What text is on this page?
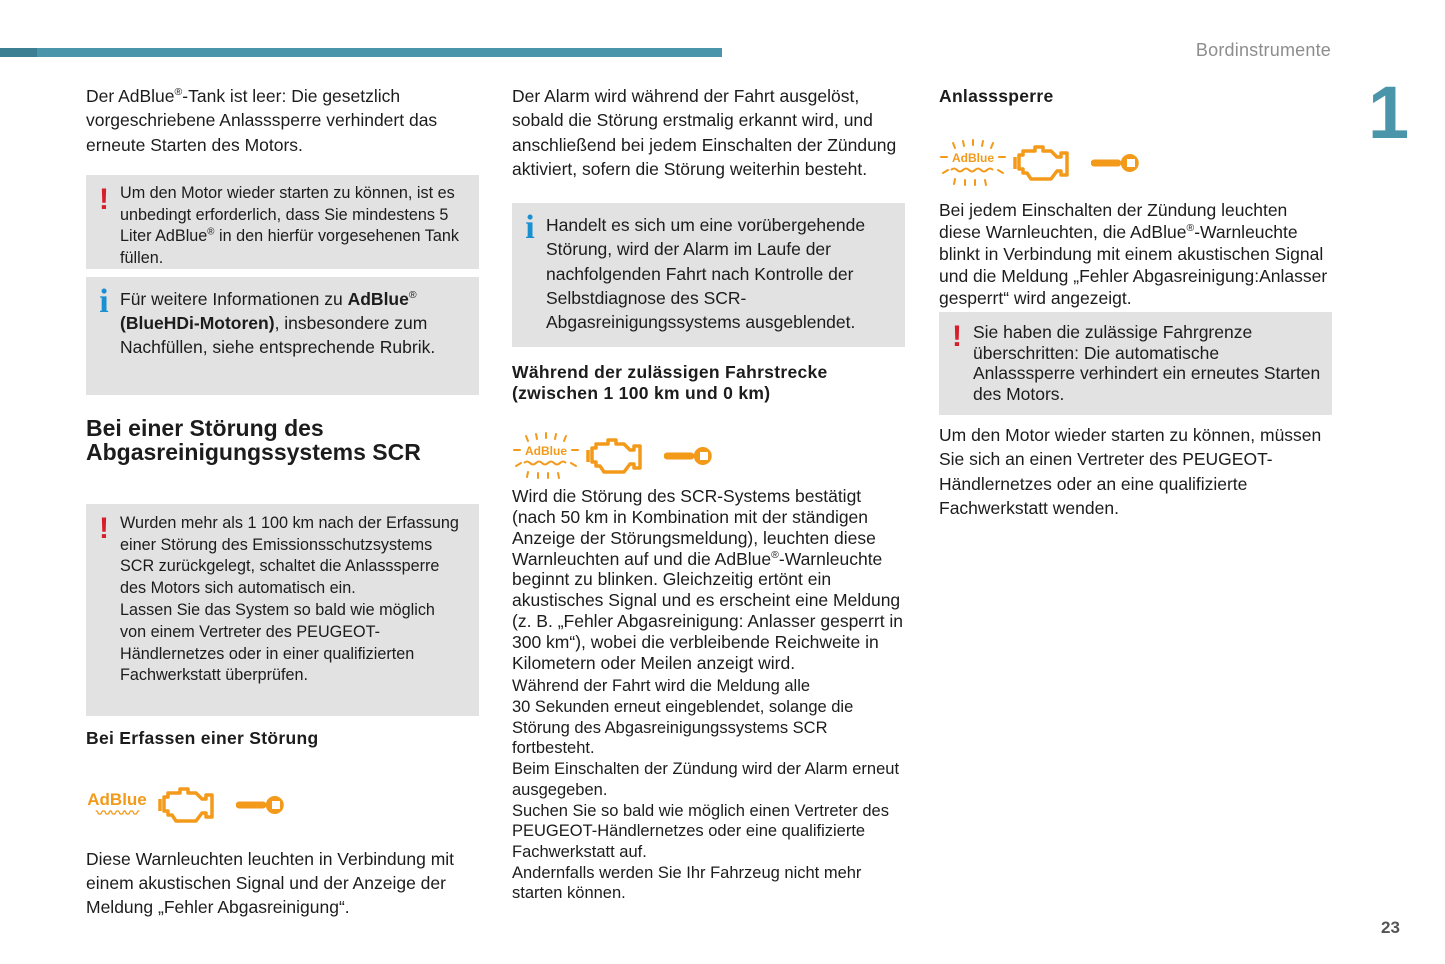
Bordinstrumente
1
23

Der AdBlue®-Tank ist leer: Die gesetzlich vorgeschriebene Anlasssperre verhindert das erneute Starten des Motors.

! Um den Motor wieder starten zu können, ist es unbedingt erforderlich, dass Sie mindestens 5 Liter AdBlue® in den hierfür vorgesehenen Tank füllen.

i Für weitere Informationen zu AdBlue® (BlueHDi-Motoren), insbesondere zum Nachfüllen, siehe entsprechende Rubrik.

Bei einer Störung des Abgasreinigungssystems SCR
! Wurden mehr als 1 100 km nach der Erfassung
einer Störung des Emissionsschutzsystems
SCR zurückgelegt, schaltet die Anlasssperre
des Motors sich automatisch ein.
Lassen Sie das System so bald wie möglich
von einem Vertreter des PEUGEOT-
Händlernetzes oder in einer qualifizierten
Fachwerkstatt überprüfen.
Bei Erfassen einer Störung
AdBlue
〰〰〰

Diese Warnleuchten leuchten in Verbindung mit einem akustischen Signal und der Anzeige der Meldung „Fehler Abgasreinigung“.

Der Alarm wird während der Fahrt ausgelöst, sobald die Störung erstmalig erkannt wird, und anschließend bei jedem Einschalten der Zündung aktiviert, sofern die Störung weiterhin besteht.

i Handelt es sich um eine vorübergehende Störung, wird der Alarm im Laufe der nachfolgenden Fahrt nach Kontrolle der Selbstdiagnose des SCR-Abgasreinigungssystems ausgeblendet.

Während der zulässigen Fahrstrecke (zwischen 1 100 km und 0 km)
AdBlue

Wird die Störung des SCR-Systems bestätigt (nach 50 km in Kombination mit der ständigen Anzeige der Störungsmeldung), leuchten diese Warnleuchten auf und die AdBlue®-Warnleuchte beginnt zu blinken. Gleichzeitig ertönt ein akustisches Signal und es erscheint eine Meldung (z. B. „Fehler Abgasreinigung: Anlasser gesperrt in 300 km“), wobei die verbleibende Reichweite in Kilometern oder Meilen anzeigt wird.

Während der Fahrt wird die Meldung alle
30 Sekunden erneut eingeblendet, solange die
Störung des Abgasreinigungssystems SCR
fortbesteht.
Beim Einschalten der Zündung wird der Alarm erneut
ausgegeben.
Suchen Sie so bald wie möglich einen Vertreter des
PEUGEOT-Händlernetzes oder eine qualifizierte
Fachwerkstatt auf.
Andernfalls werden Sie Ihr Fahrzeug nicht mehr
starten können.
Anlasssperre
AdBlue

Bei jedem Einschalten der Zündung leuchten diese Warnleuchten, die AdBlue®-Warnleuchte blinkt in Verbindung mit einem akustischen Signal und die Meldung „Fehler Abgasreinigung:Anlasser gesperrt“ wird angezeigt.

! Sie haben die zulässige Fahrgrenze überschritten: Die automatische Anlasssperre verhindert ein erneutes Starten des Motors.

Um den Motor wieder starten zu können, müssen Sie sich an einen Vertreter des PEUGEOT-Händlernetzes oder an eine qualifizierte Fachwerkstatt wenden.
